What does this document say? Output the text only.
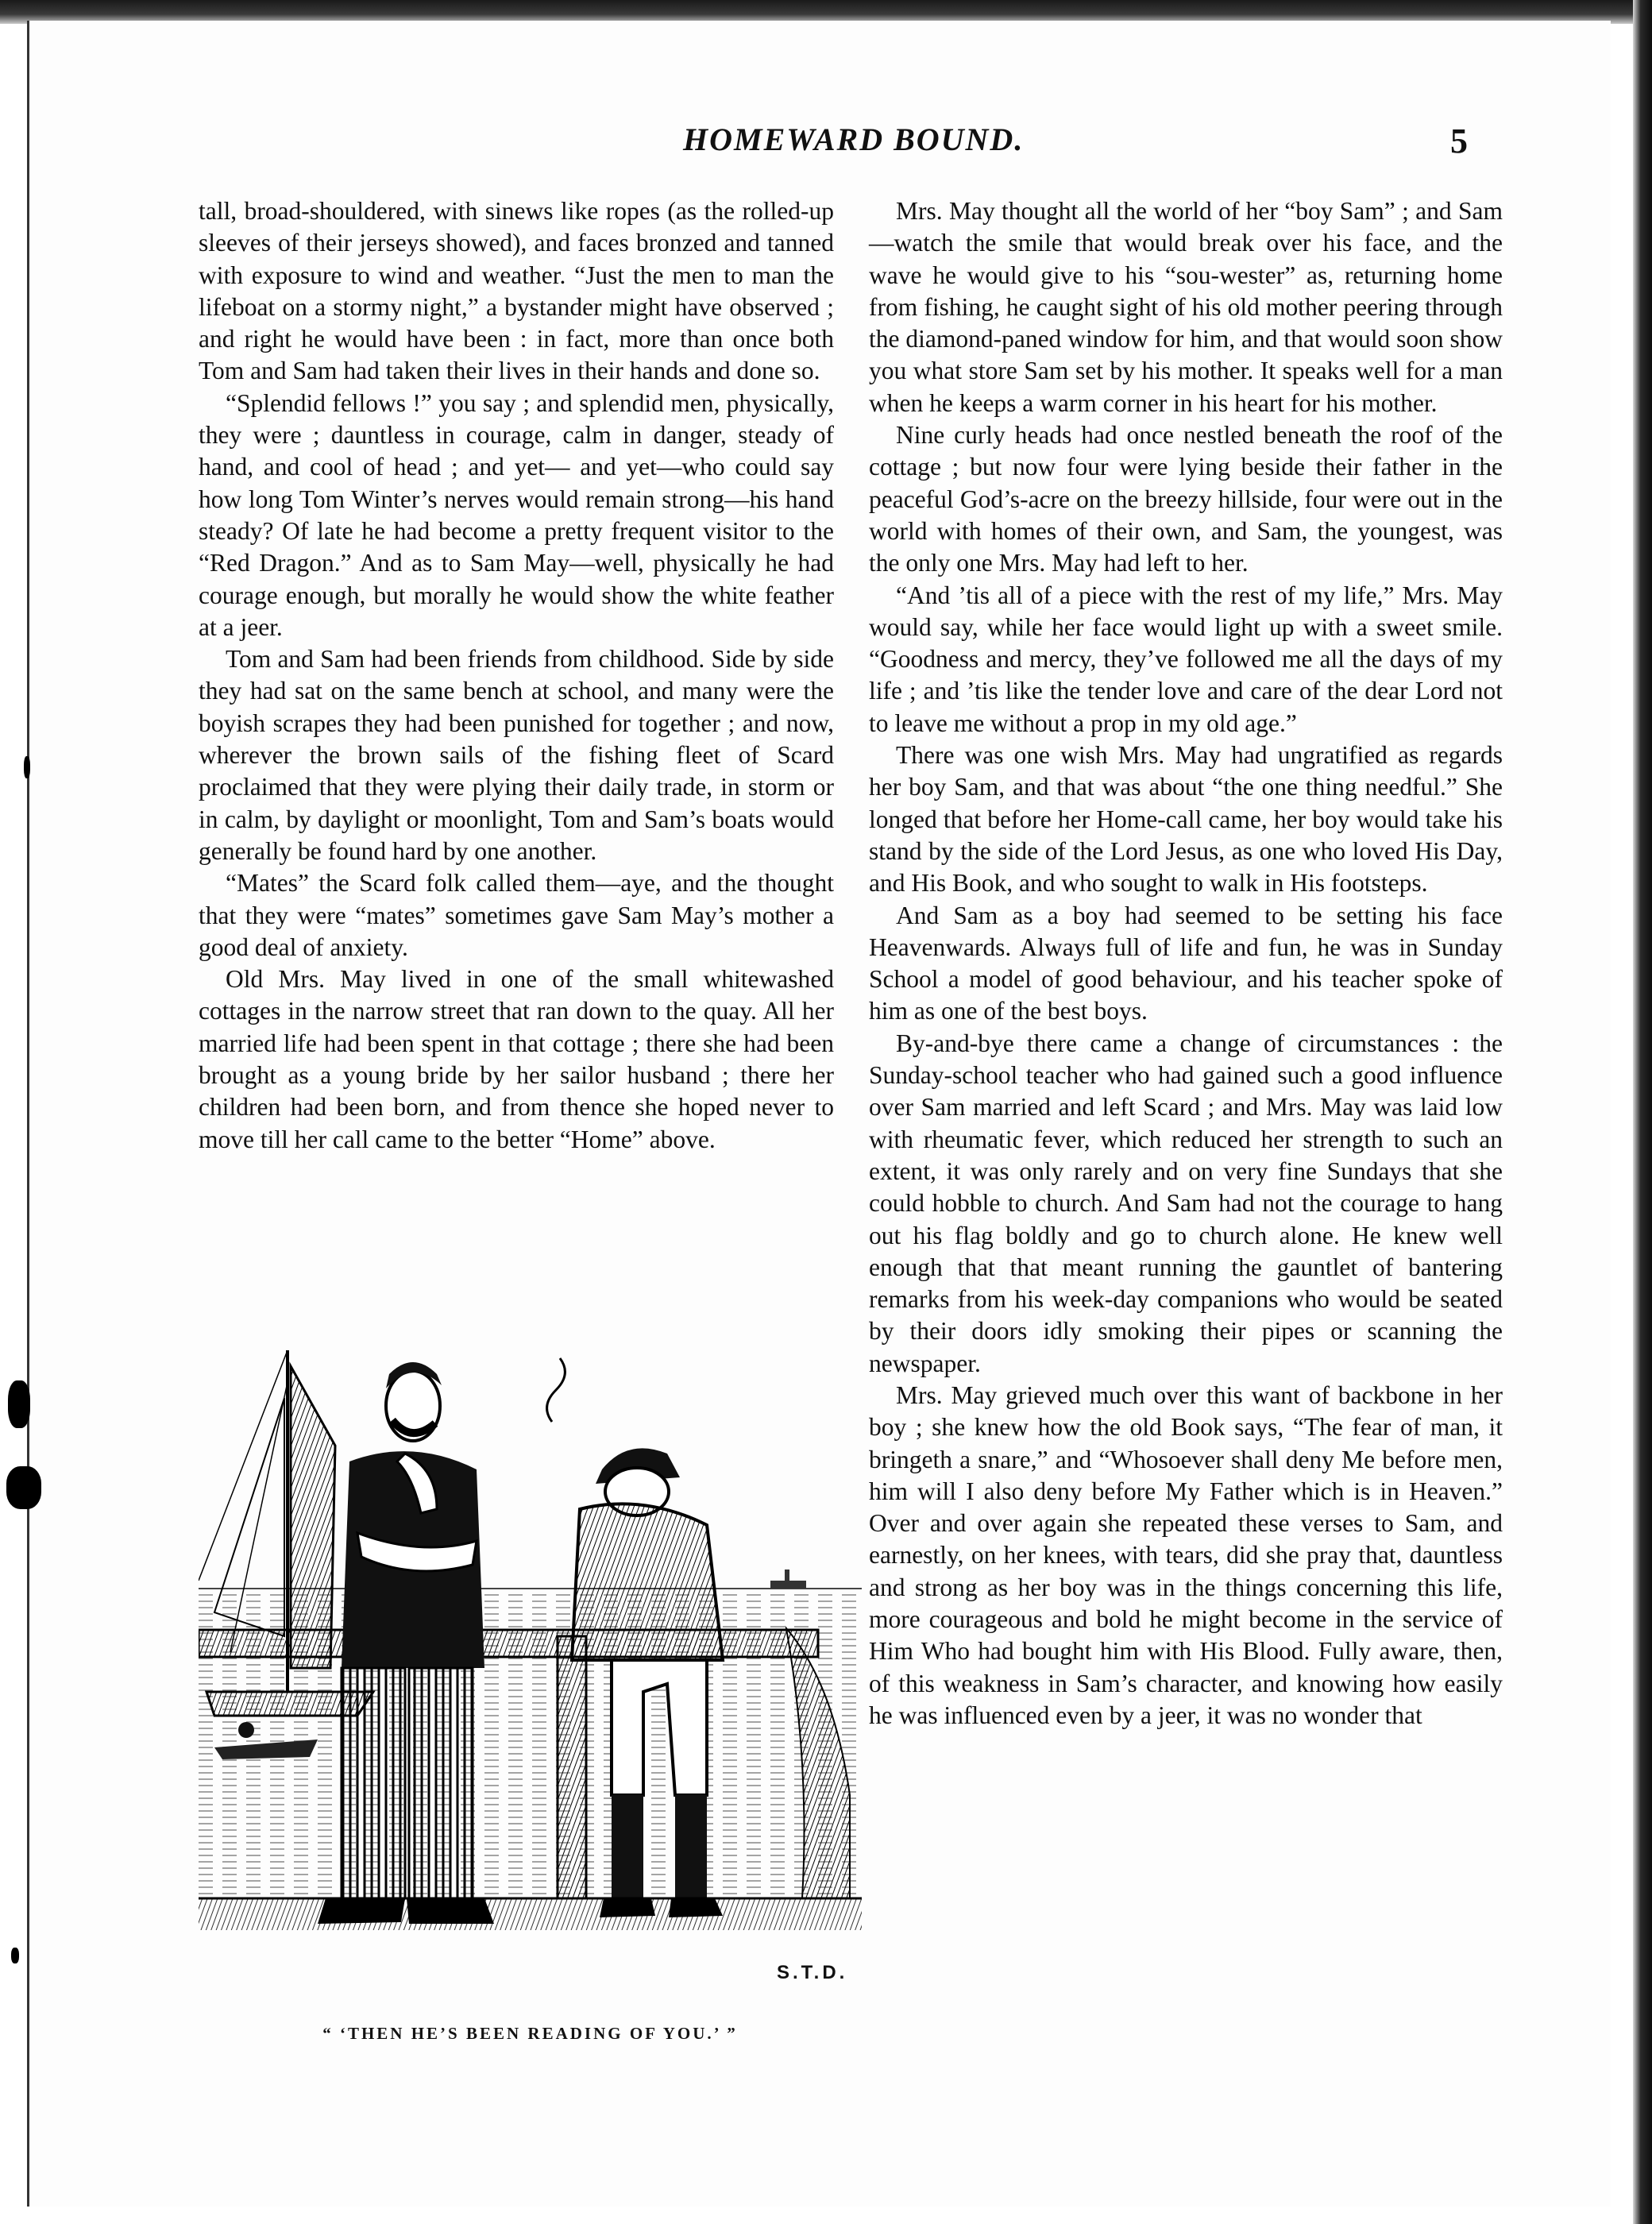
HOMEWARD BOUND.	5

tall, broad-shouldered, with sinews like ropes (as the rolled-up sleeves of their jerseys showed), and faces bronzed and tanned with exposure to wind and weather. “Just the men to man the lifeboat on a stormy night,” a bystander might have observed ; and right he would have been : in fact, more than once both Tom and Sam had taken their lives in their hands and done so.

“Splendid fellows !” you say ; and splendid men, physically, they were ; dauntless in courage, calm in danger, steady of hand, and cool of head ; and yet— and yet—who could say how long Tom Winter’s nerves would remain strong—his hand steady? Of late he had become a pretty frequent visitor to the “Red Dragon.” And as to Sam May—well, physically he had courage enough, but morally he would show the white feather at a jeer.

Tom and Sam had been friends from childhood. Side by side they had sat on the same bench at school, and many were the boyish scrapes they had been punished for together ; and now, wherever the brown sails of the fishing fleet of Scard proclaimed that they were plying their daily trade, in storm or in calm, by daylight or moonlight, Tom and Sam’s boats would generally be found hard by one another.

“Mates” the Scard folk called them—aye, and the thought that they were “mates” sometimes gave Sam May’s mother a good deal of anxiety.

Old Mrs. May lived in one of the small whitewashed cottages in the narrow street that ran down to the quay. All her married life had been spent in that cottage ; there she had been brought as a young bride by her sailor husband ; there her children had been born, and from thence she hoped never to move till her call came to the better “Home” above.

Mrs. May thought all the world of her “boy Sam” ; and Sam—watch the smile that would break over his face, and the wave he would give to his “sou-wester” as, returning home from fishing, he caught sight of his old mother peering through the diamond-paned window for him, and that would soon show you what store Sam set by his mother. It speaks well for a man when he keeps a warm corner in his heart for his mother.

Nine curly heads had once nestled beneath the roof of the cottage ; but now four were lying beside their father in the peaceful God’s-acre on the breezy hillside, four were out in the world with homes of their own, and Sam, the youngest, was the only one Mrs. May had left to her.

“And ’tis all of a piece with the rest of my life,” Mrs. May would say, while her face would light up with a sweet smile. “Goodness and mercy, they’ve followed me all the days of my life ; and ’tis like the tender love and care of the dear Lord not to leave me without a prop in my old age.”

There was one wish Mrs. May had ungratified as regards her boy Sam, and that was about “the one thing needful.” She longed that before her Home-call came, her boy would take his stand by the side of the Lord Jesus, as one who loved His Day, and His Book, and who sought to walk in His footsteps.

And Sam as a boy had seemed to be setting his face Heavenwards. Always full of life and fun, he was in Sunday School a model of good behaviour, and his teacher spoke of him as one of the best boys.

By-and-bye there came a change of circumstances : the Sunday-school teacher who had gained such a good influence over Sam married and left Scard ; and Mrs. May was laid low with rheumatic fever, which reduced her strength to such an extent, it was only rarely and on very fine Sundays that she could hobble to church. And Sam had not the courage to hang out his flag boldly and go to church alone. He knew well enough that that meant running the gauntlet of bantering remarks from his week-day companions who would be seated by their doors idly smoking their pipes or scanning the newspaper.

Mrs. May grieved much over this want of backbone in her boy ; she knew how the old Book says, “The fear of man, it bringeth a snare,” and “Whosoever shall deny Me before men, him will I also deny before My Father which is in Heaven.” Over and over again she repeated these verses to Sam, and earnestly, on her knees, with tears, did she pray that, dauntless and strong as her boy was in the things concerning this life, more courageous and bold he might become in the service of Him Who had bought him with His Blood. Fully aware, then, of this weakness in Sam’s character, and knowing how easily he was influenced even by a jeer, it was no wonder that

S.T.D.
“ ‘THEN HE’S BEEN READING OF YOU.’ ”
